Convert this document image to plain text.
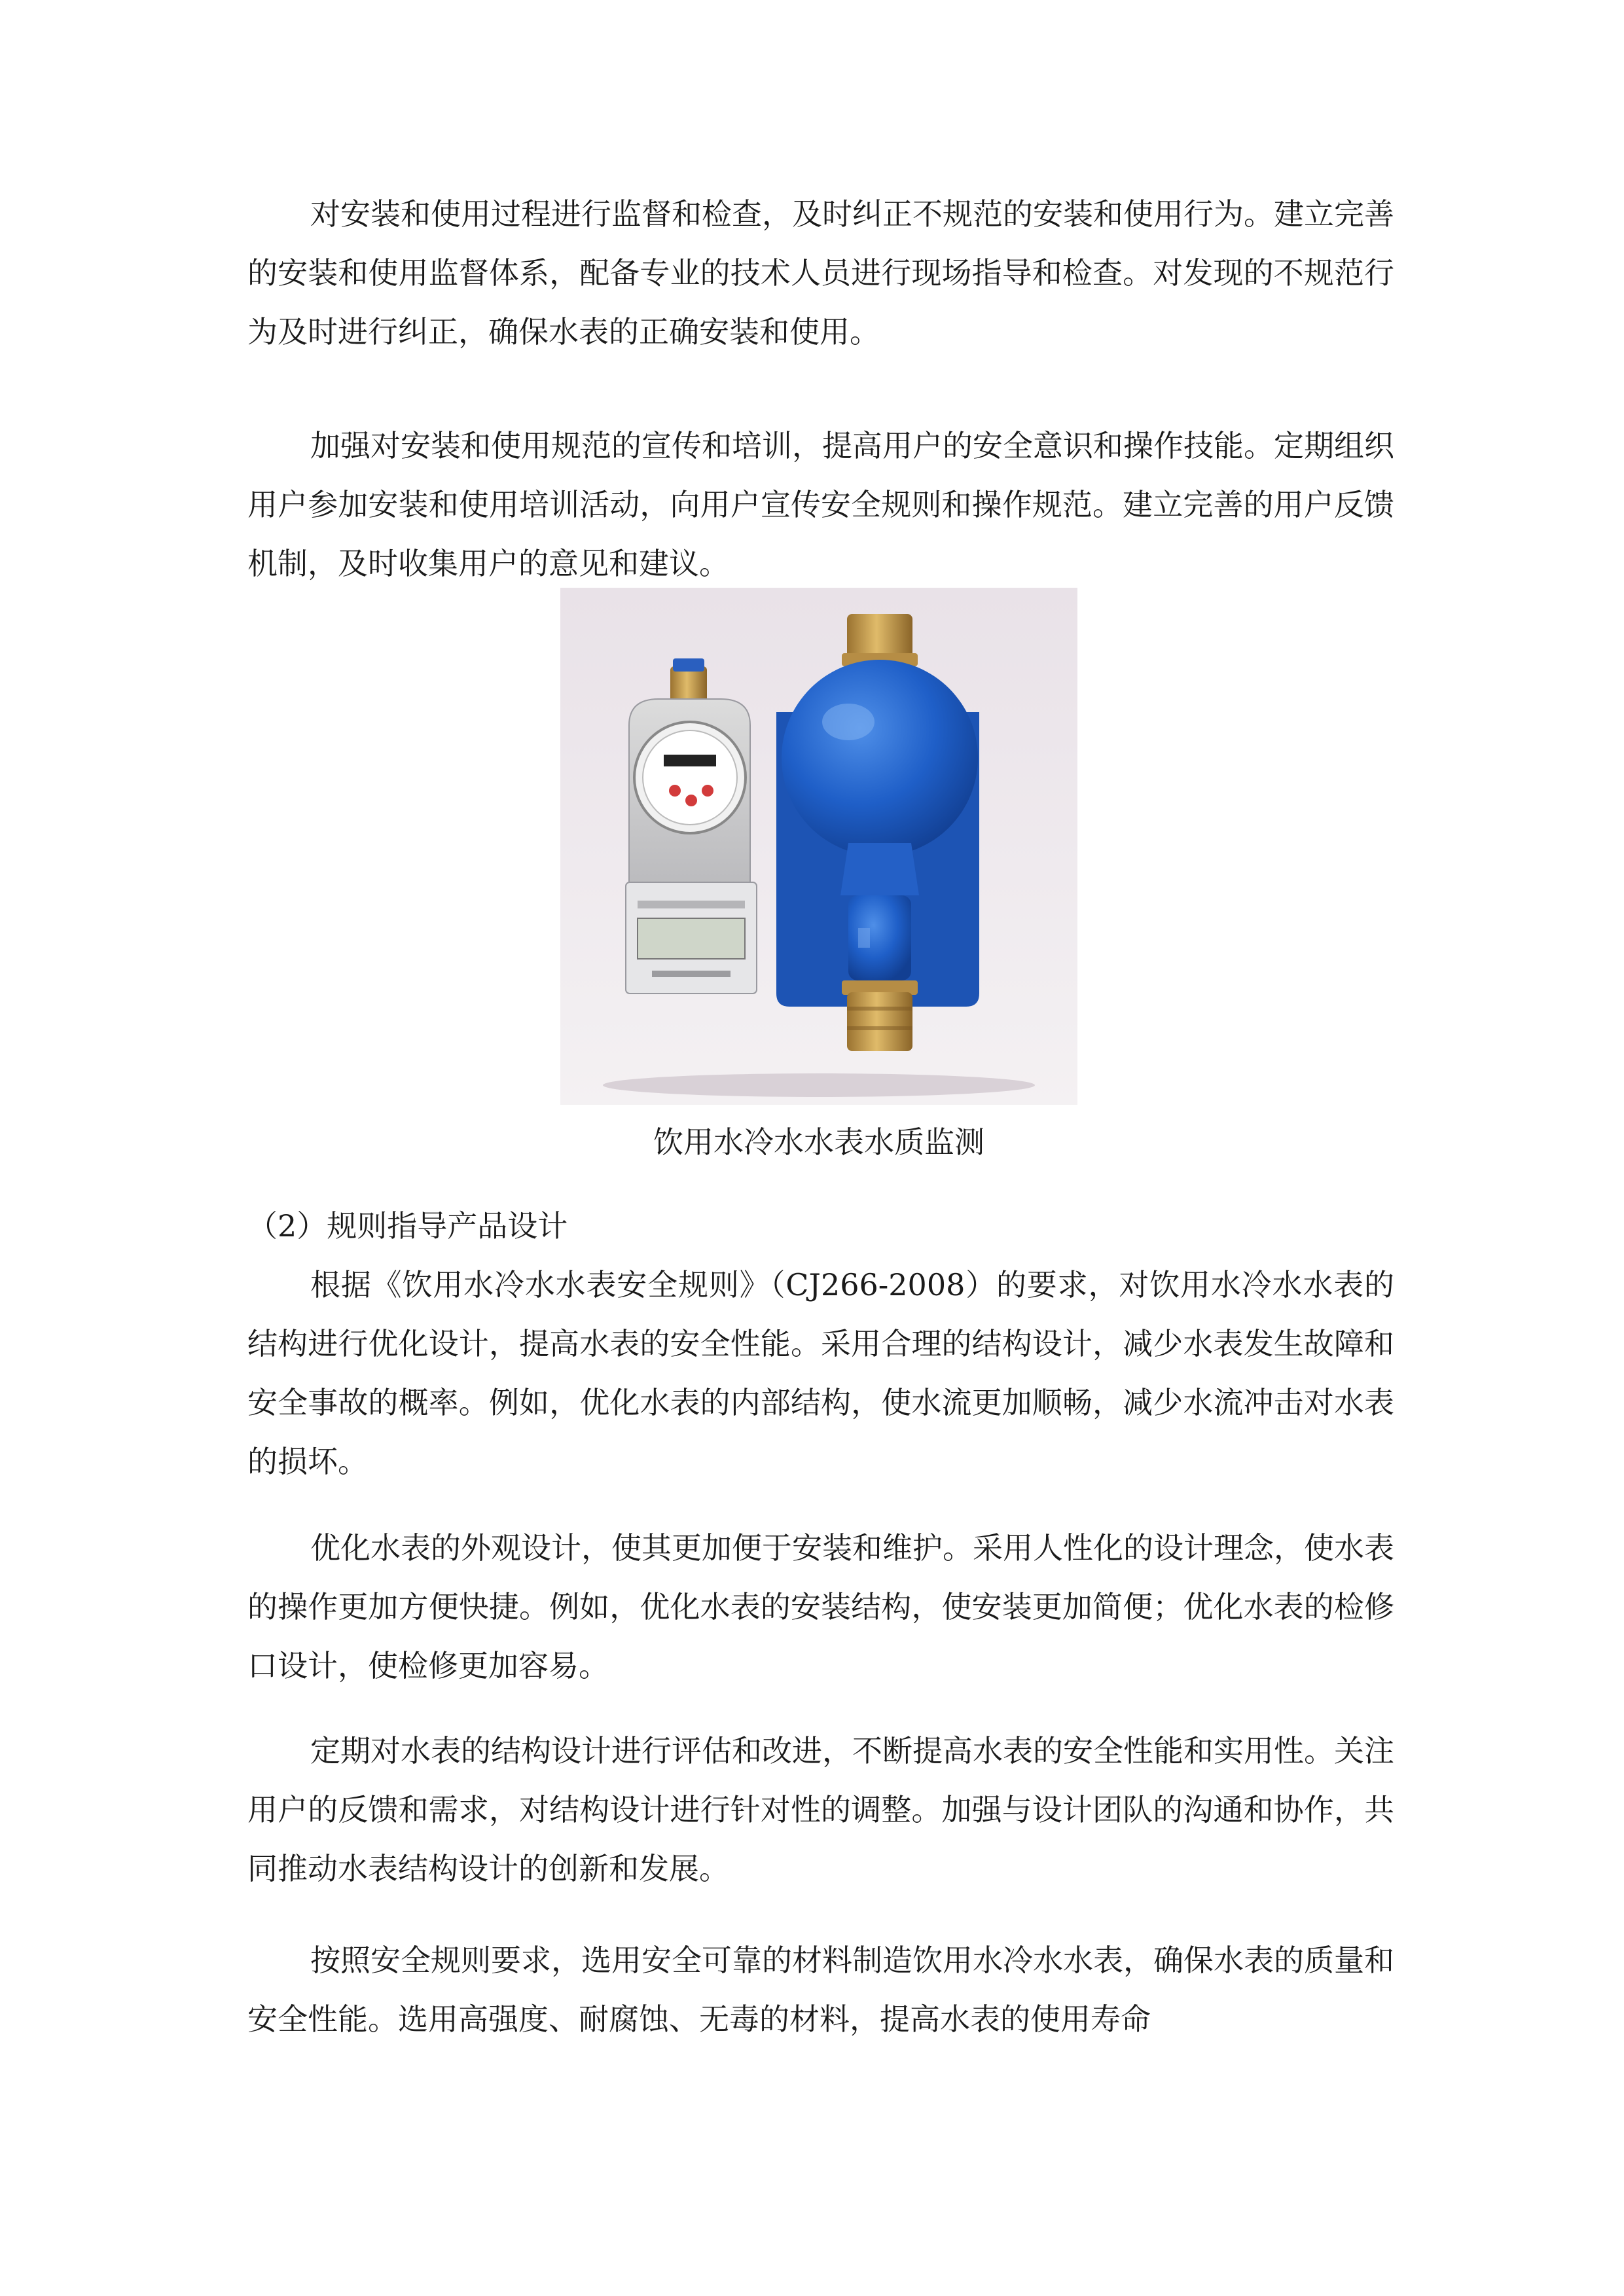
对安装和使用过程进行监督和检查，及时纠正不规范的安装和使用行为。建立完善的安装和使用监督体系，配备专业的技术人员进行现场指导和检查。对发现的不规范行为及时进行纠正，确保水表的正确安装和使用。

加强对安装和使用规范的宣传和培训，提高用户的安全意识和操作技能。定期组织用户参加安装和使用培训活动，向用户宣传安全规则和操作规范。建立完善的用户反馈机制，及时收集用户的意见和建议。

饮用水冷水水表水质监测

（2）规则指导产品设计

根据《饮用水冷水水表安全规则》（CJ266-2008）的要求，对饮用水冷水水表的结构进行优化设计，提高水表的安全性能。采用合理的结构设计，减少水表发生故障和安全事故的概率。例如，优化水表的内部结构，使水流更加顺畅，减少水流冲击对水表的损坏。

优化水表的外观设计，使其更加便于安装和维护。采用人性化的设计理念，使水表的操作更加方便快捷。例如，优化水表的安装结构，使安装更加简便；优化水表的检修口设计，使检修更加容易。

定期对水表的结构设计进行评估和改进，不断提高水表的安全性能和实用性。关注用户的反馈和需求，对结构设计进行针对性的调整。加强与设计团队的沟通和协作，共同推动水表结构设计的创新和发展。

按照安全规则要求，选用安全可靠的材料制造饮用水冷水水表，确保水表的质量和安全性能。选用高强度、耐腐蚀、无毒的材料，提高水表的使用寿命
